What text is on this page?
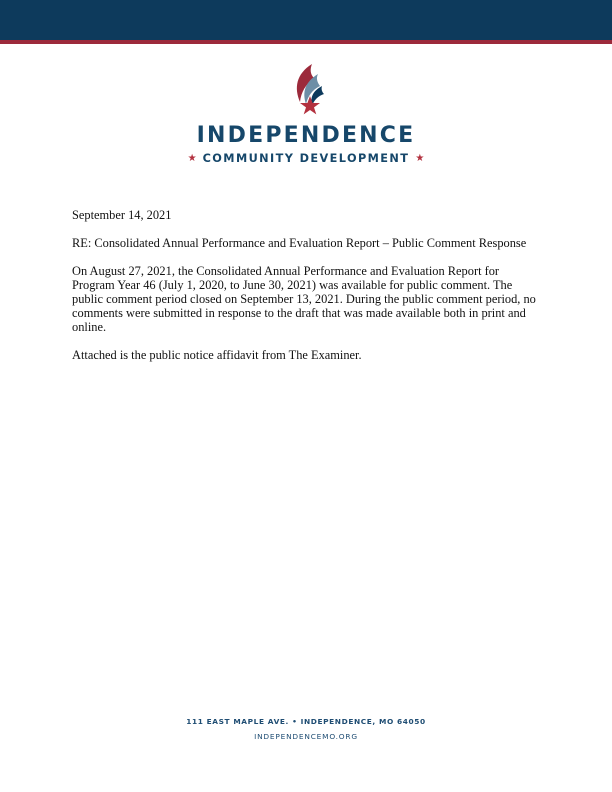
INDEPENDENCE
★ COMMUNITY DEVELOPMENT ★

September 14, 2021

RE: Consolidated Annual Performance and Evaluation Report – Public Comment Response

On August 27, 2021, the Consolidated Annual Performance and Evaluation Report for Program Year 46 (July 1, 2020, to June 30, 2021) was available for public comment. The public comment period closed on September 13, 2021. During the public comment period, no comments were submitted in response to the draft that was made available both in print and online.

Attached is the public notice affidavit from The Examiner.

111 EAST MAPLE AVE. • INDEPENDENCE, MO 64050
INDEPENDENCEMO.ORG
